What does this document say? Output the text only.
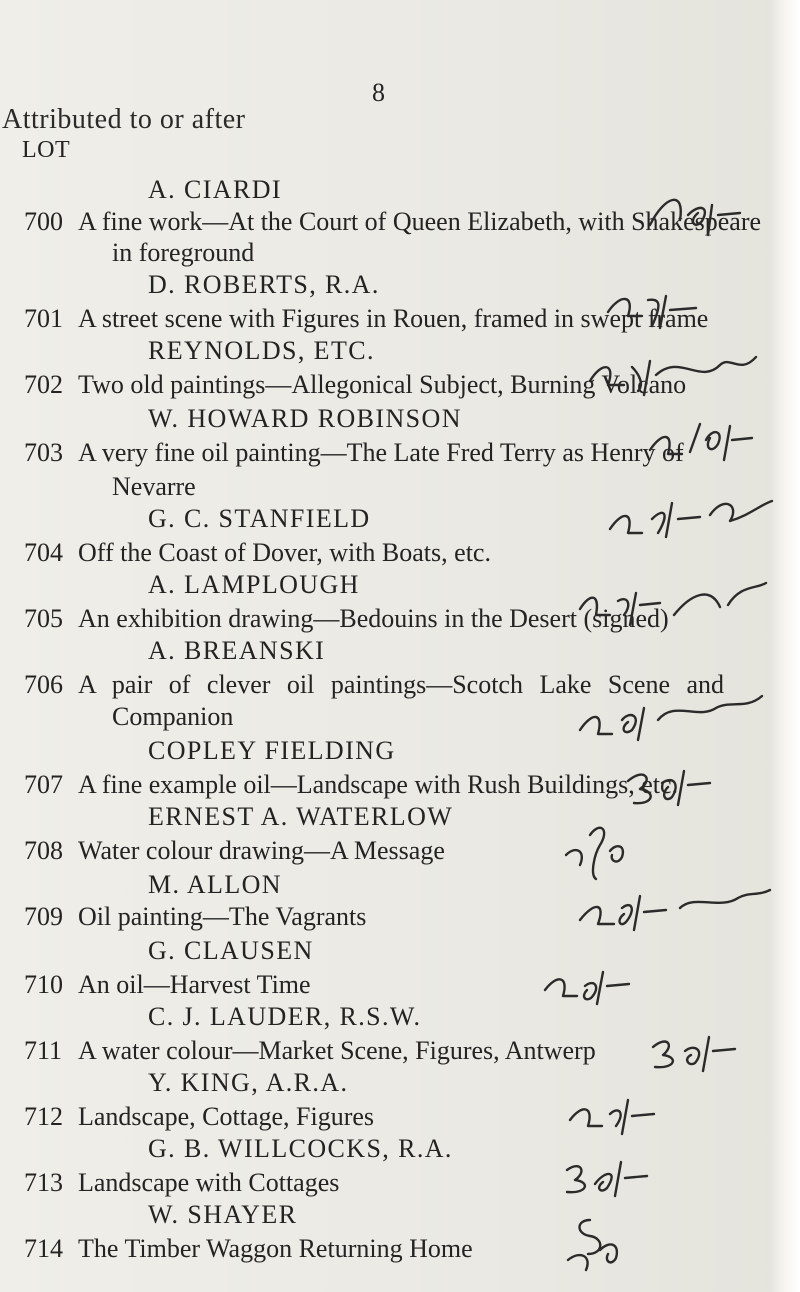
8
Attributed to or after
LOT
A. CIARDI
700 A fine work—At the Court of Queen Elizabeth, with Shakespeare
in foreground
D. ROBERTS, R.A.
701 A street scene with Figures in Rouen, framed in swept frame
REYNOLDS, ETC.
702 Two old paintings—Allegonical Subject, Burning Volcano
W. HOWARD ROBINSON
703 A very fine oil painting—The Late Fred Terry as Henry of
Nevarre
G. C. STANFIELD
704 Off the Coast of Dover, with Boats, etc.
A. LAMPLOUGH
705 An exhibition drawing—Bedouins in the Desert (signed)
A. BREANSKI
706 A pair of clever oil paintings—Scotch Lake Scene and
Companion
COPLEY FIELDING
707 A fine example oil—Landscape with Rush Buildings, etc.
ERNEST A. WATERLOW
708 Water colour drawing—A Message
M. ALLON
709 Oil painting—The Vagrants
G. CLAUSEN
710 An oil—Harvest Time
C. J. LAUDER, R.S.W.
711 A water colour—Market Scene, Figures, Antwerp
Y. KING, A.R.A.
712 Landscape, Cottage, Figures
G. B. WILLCOCKS, R.A.
713 Landscape with Cottages
W. SHAYER
714 The Timber Waggon Returning Home
